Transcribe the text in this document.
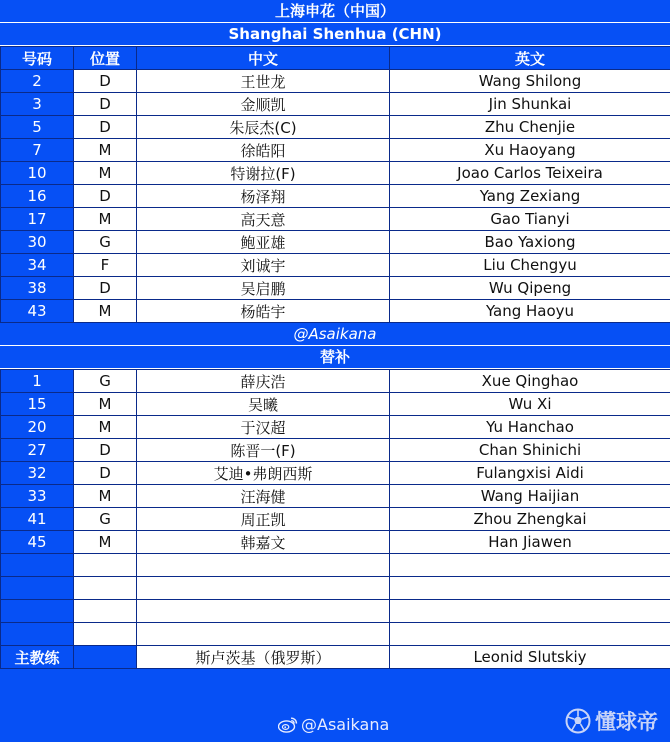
上海申花（中国）
Shanghai Shenhua (CHN)
号码	位置	中文	英文
2	D	王世龙	Wang Shilong
3	D	金顺凯	Jin Shunkai
5	D	朱辰杰(C)	Zhu Chenjie
7	M	徐皓阳	Xu Haoyang
10	M	特谢拉(F)	Joao Carlos Teixeira
16	D	杨泽翔	Yang Zexiang
17	M	高天意	Gao Tianyi
30	G	鲍亚雄	Bao Yaxiong
34	F	刘诚宇	Liu Chengyu
38	D	吴启鹏	Wu Qipeng
43	M	杨皓宇	Yang Haoyu
@Asaikana
替补
1	G	薛庆浩	Xue Qinghao
15	M	吴曦	Wu Xi
20	M	于汉超	Yu Hanchao
27	D	陈晋一(F)	Chan Shinichi
32	D	艾迪•弗朗西斯	Fulangxisi Aidi
33	M	汪海健	Wang Haijian
41	G	周正凯	Zhou Zhengkai
45	M	韩嘉文	Han Jiawen

主教练		斯卢茨基（俄罗斯）	Leonid Slutskiy
@Asaikana	懂球帝
